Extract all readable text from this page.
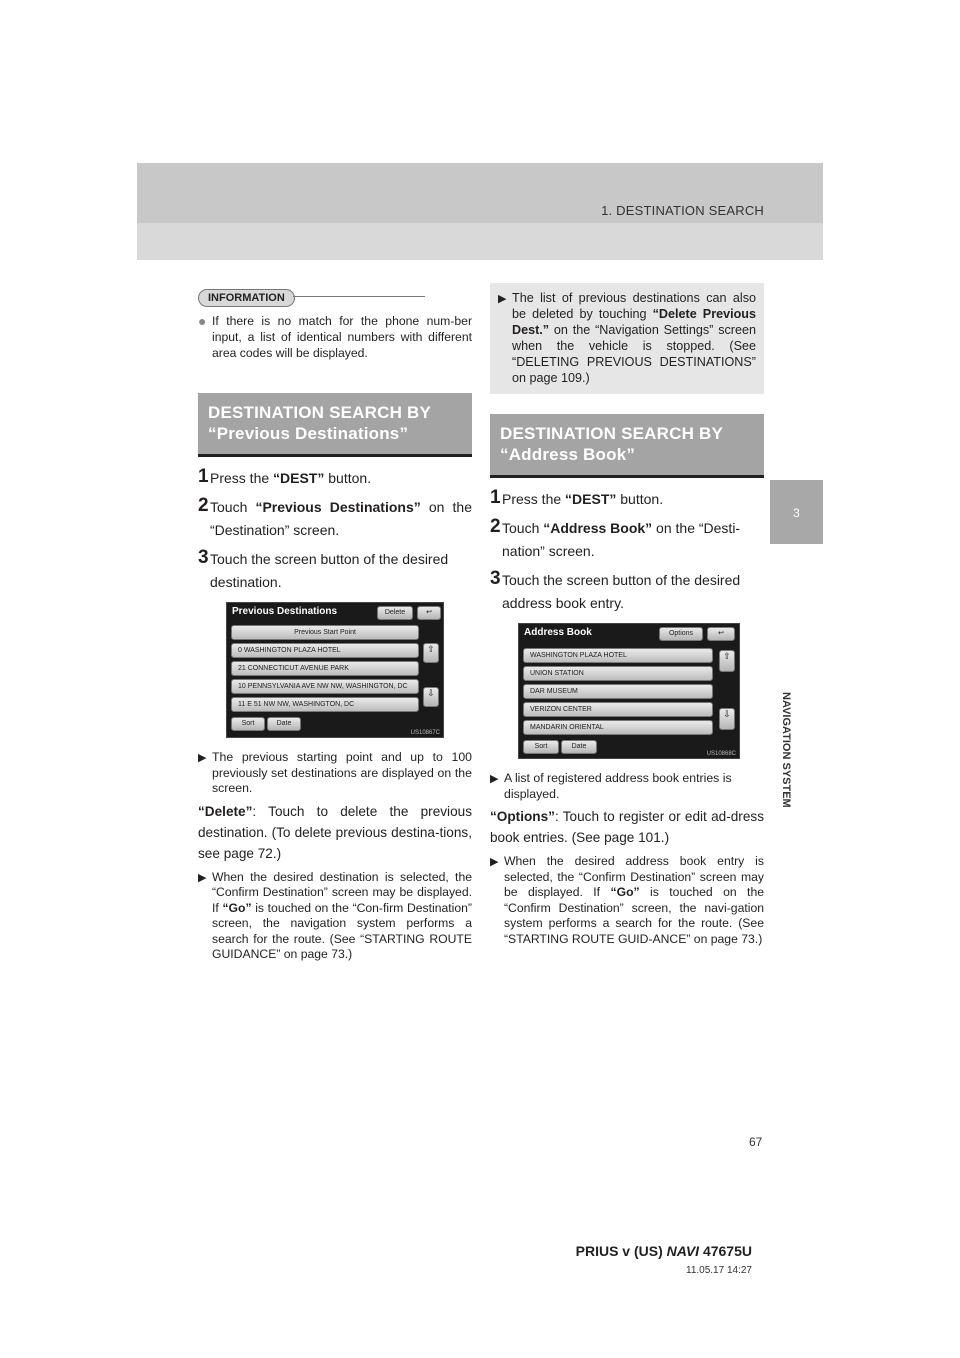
1. DESTINATION SEARCH
3
NAVIGATION SYSTEM
INFORMATION
● If there is no match for the phone num-ber input, a list of identical numbers with different area codes will be displayed.
DESTINATION SEARCH BY
“Previous Destinations”
1 Press the “DEST” button.
2 Touch “Previous Destinations” on the “Destination” screen.
3 Touch the screen button of the desired destination.
Previous Destinations	Delete	↩
Previous Start Point
0 WASHINGTON PLAZA HOTEL
21 CONNECTICUT AVENUE PARK
10 PENNSYLVANIA AVE NW NW, WASHINGTON, DC
11 E 51 NW NW, WASHINGTON, DC
⇧
⇩
Sort	Date
US10867C
▶ The previous starting point and up to 100 previously set destinations are displayed on the screen.
“Delete”: Touch to delete the previous destination. (To delete previous destina-tions, see page 72.)
▶ When the desired destination is selected, the “Confirm Destination” screen may be displayed. If “Go” is touched on the “Con-firm Destination” screen, the navigation system performs a search for the route. (See “STARTING ROUTE GUIDANCE” on page 73.)
▶ The list of previous destinations can also be deleted by touching “Delete Previous Dest.” on the “Navigation Settings” screen when the vehicle is stopped. (See “DELETING PREVIOUS DESTINATIONS” on page 109.)
DESTINATION SEARCH BY
“Address Book”
1 Press the “DEST” button.
2 Touch “Address Book” on the “Desti-nation” screen.
3 Touch the screen button of the desired address book entry.
Address Book	Options	↩
WASHINGTON PLAZA HOTEL
UNION STATION
DAR MUSEUM
VERIZON CENTER
MANDARIN ORIENTAL
⇧
⇩
Sort	Date
US10868C
▶ A list of registered address book entries is displayed.
“Options”: Touch to register or edit ad-dress book entries. (See page 101.)
▶ When the desired address book entry is selected, the “Confirm Destination” screen may be displayed. If “Go” is touched on the “Confirm Destination” screen, the navi-gation system performs a search for the route. (See “STARTING ROUTE GUID-ANCE” on page 73.)
67
PRIUS v (US) NAVI 47675U
11.05.17 14:27
